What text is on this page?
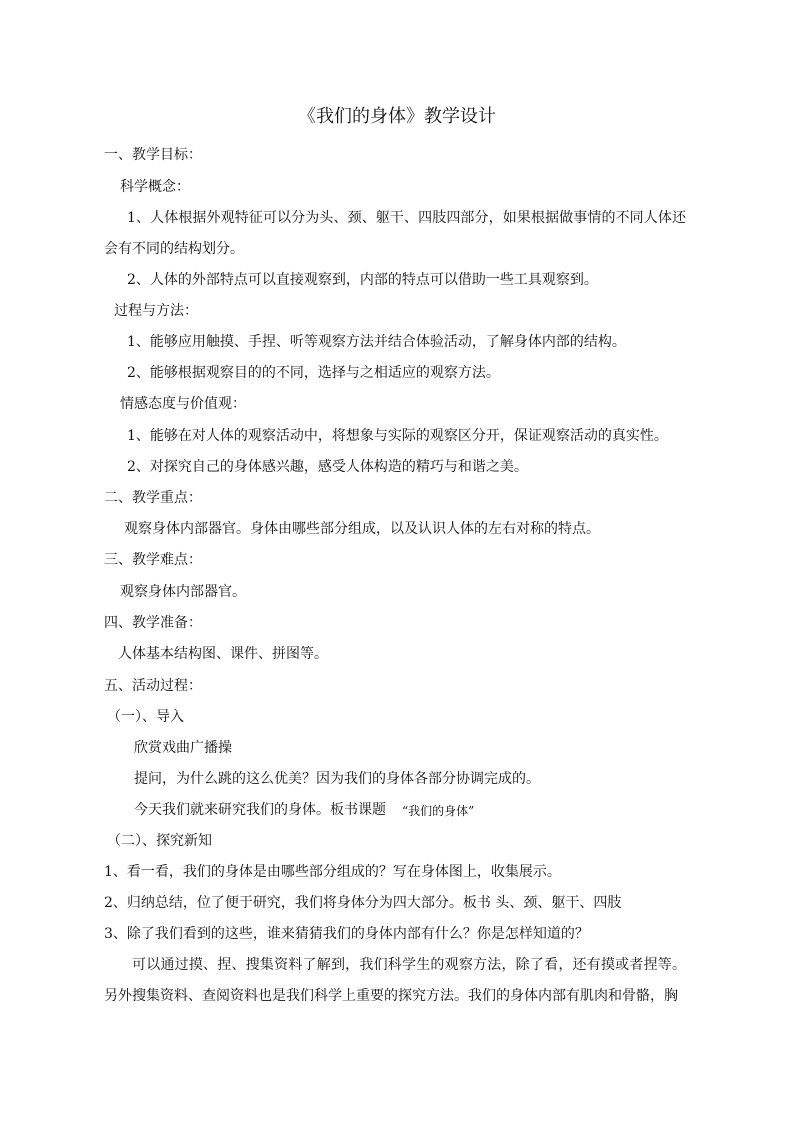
《我们的身体》教学设计
一、教学目标：
科学概念：
1、人体根据外观特征可以分为头、颈、躯干、四肢四部分，如果根据做事情的不同人体还会有不同的结构划分。
2、人体的外部特点可以直接观察到，内部的特点可以借助一些工具观察到。
过程与方法：
1、能够应用触摸、手捏、听等观察方法并结合体验活动，了解身体内部的结构。
2、能够根据观察目的的不同，选择与之相适应的观察方法。
情感态度与价值观：
1、能够在对人体的观察活动中，将想象与实际的观察区分开，保证观察活动的真实性。
2、对探究自己的身体感兴趣，感受人体构造的精巧与和谐之美。
二、教学重点：
观察身体内部器官。身体由哪些部分组成，以及认识人体的左右对称的特点。
三、教学难点：
观察身体内部器官。
四、教学准备：
人体基本结构图、课件、拼图等。
五、活动过程：
（一）、导入
欣赏戏曲广播操
提问，为什么跳的这么优美？因为我们的身体各部分协调完成的。
今天我们就来研究我们的身体。板书课题 “我们的身体”
（二）、探究新知
1、看一看，我们的身体是由哪些部分组成的？写在身体图上，收集展示。
2、归纳总结，位了便于研究，我们将身体分为四大部分。板书 头、颈、躯干、四肢
3、除了我们看到的这些，谁来猜猜我们的身体内部有什么？你是怎样知道的？
可以通过摸、捏、搜集资料了解到，我们科学生的观察方法，除了看，还有摸或者捏等。另外搜集资料、查阅资料也是我们科学上重要的探究方法。我们的身体内部有肌肉和骨骼，胸
